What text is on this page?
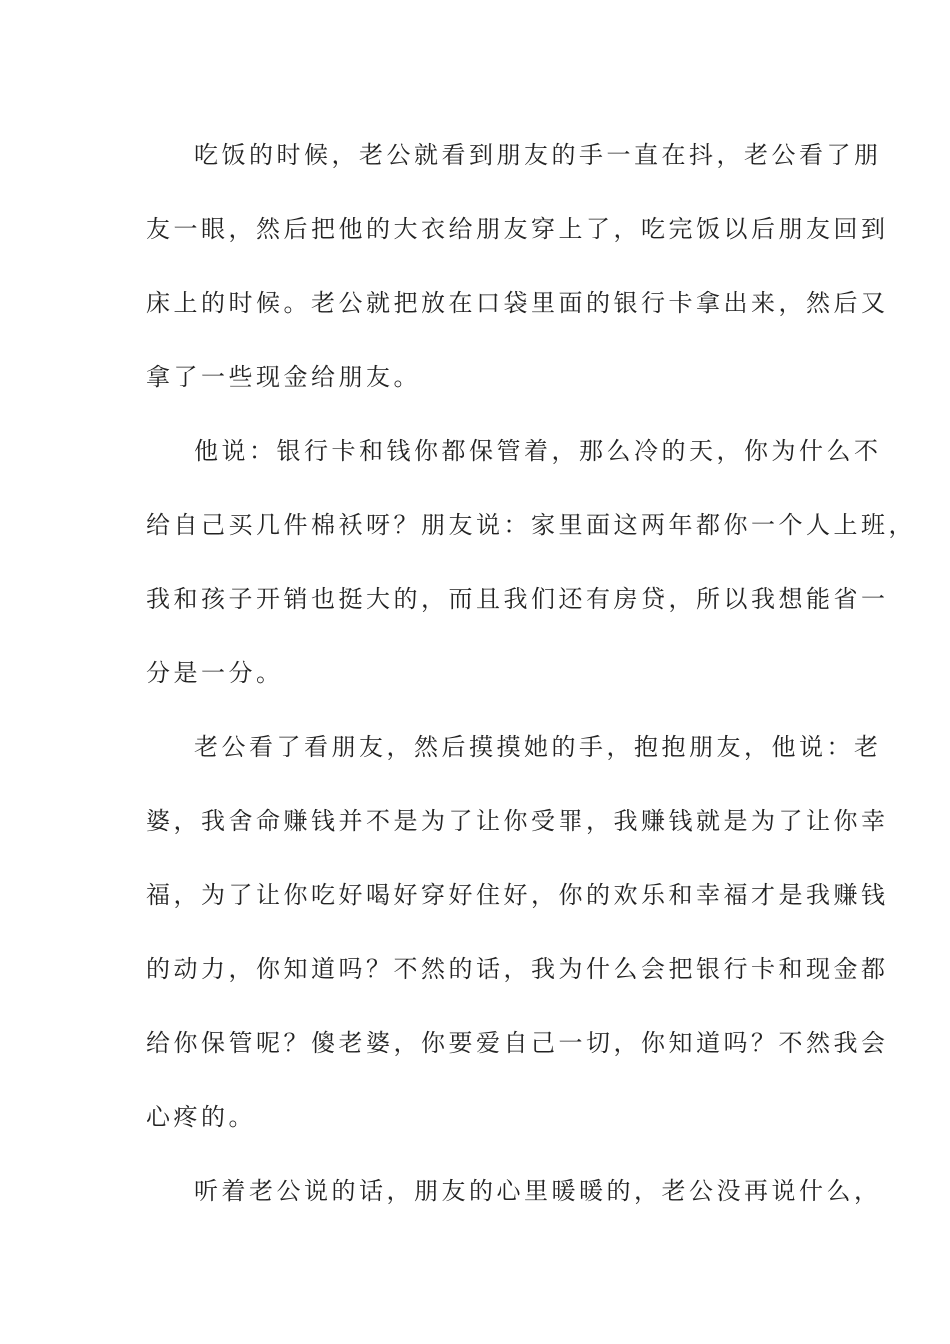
吃饭的时候，老公就看到朋友的手一直在抖，老公看了朋
友一眼，然后把他的大衣给朋友穿上了，吃完饭以后朋友回到
床上的时候。老公就把放在口袋里面的银行卡拿出来，然后又
拿了一些现金给朋友。
他说：银行卡和钱你都保管着，那么冷的天，你为什么不
给自己买几件棉袄呀？朋友说：家里面这两年都你一个人上班，
我和孩子开销也挺大的，而且我们还有房贷，所以我想能省一
分是一分。
老公看了看朋友，然后摸摸她的手，抱抱朋友，他说：老
婆，我舍命赚钱并不是为了让你受罪，我赚钱就是为了让你幸
福，为了让你吃好喝好穿好住好，你的欢乐和幸福才是我赚钱
的动力，你知道吗？不然的话，我为什么会把银行卡和现金都
给你保管呢？傻老婆，你要爱自己一切，你知道吗？不然我会
心疼的。
听着老公说的话，朋友的心里暖暖的，老公没再说什么，
